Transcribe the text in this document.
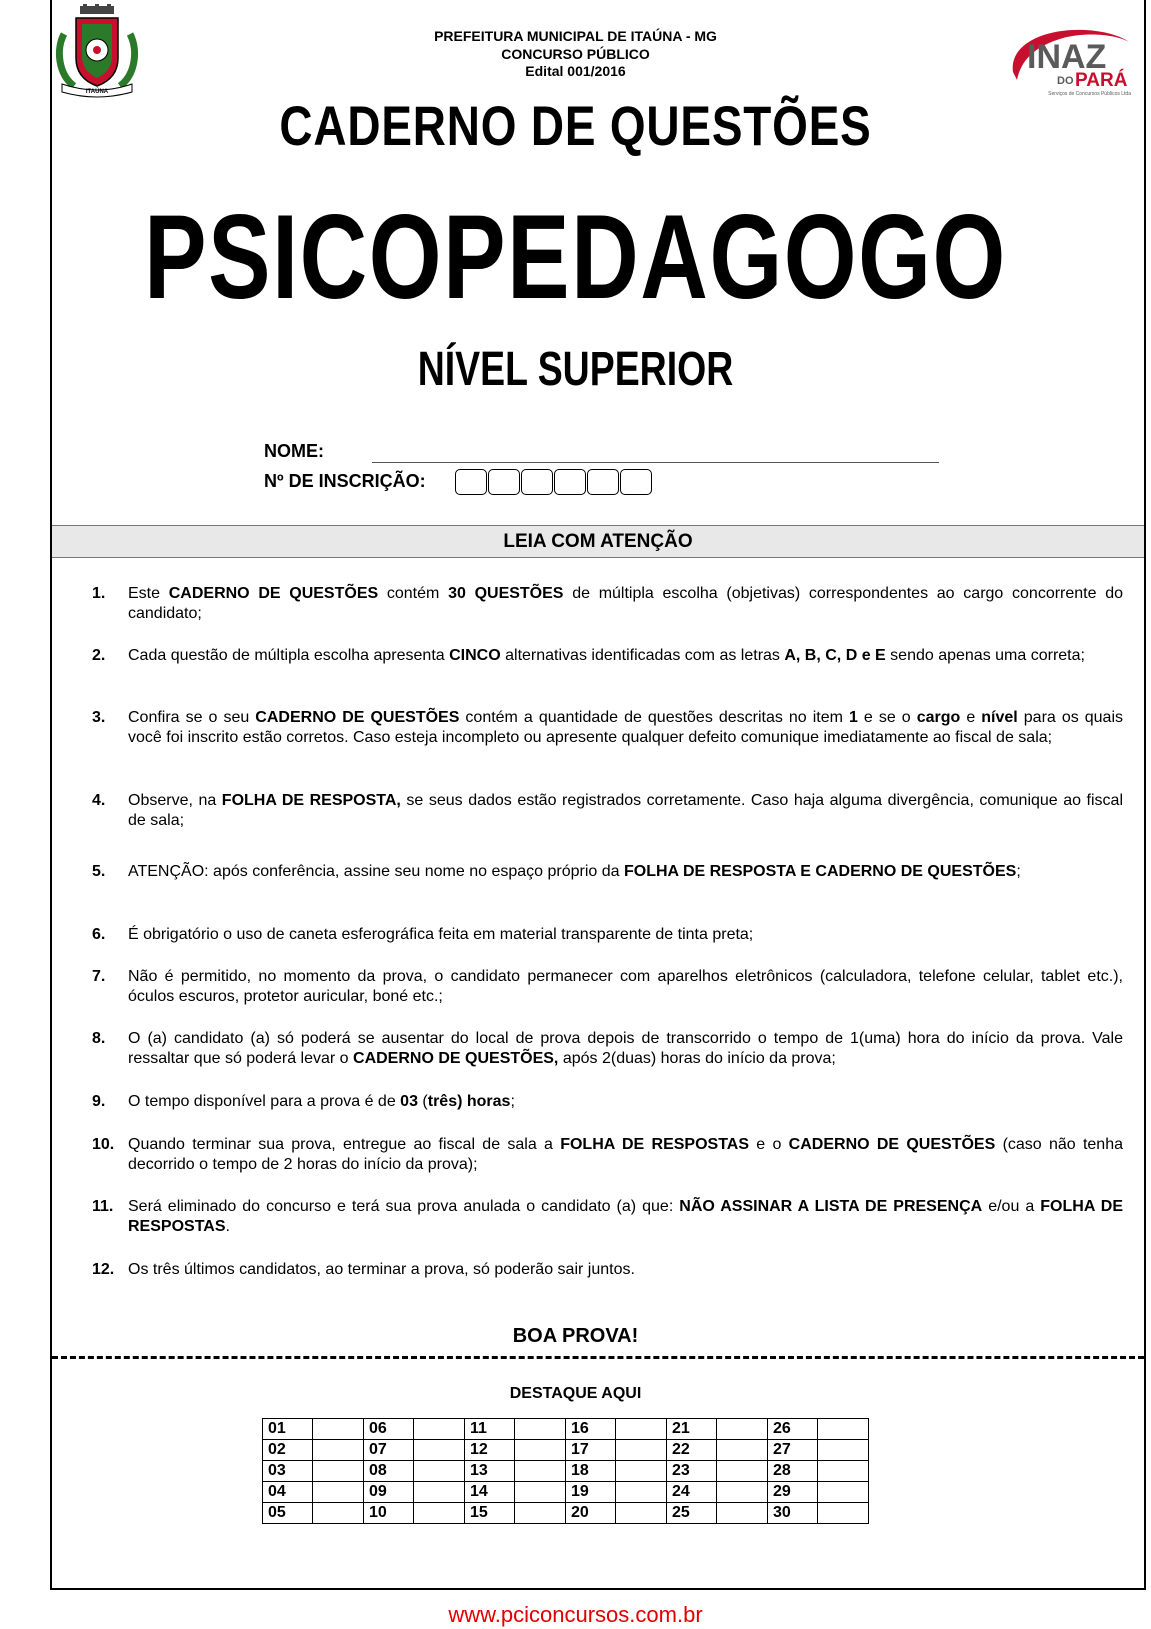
ITAÚNA
INAZ
DO PARÁ
Serviços de Concursos Públicos Ltda
PREFEITURA MUNICIPAL DE ITAÚNA - MG
CONCURSO PÚBLICO
Edital 001/2016
CADERNO DE QUESTÕES
PSICOPEDAGOGO
NÍVEL SUPERIOR
NOME:
Nº DE INSCRIÇÃO:
LEIA COM ATENÇÃO
1. Este CADERNO DE QUESTÕES contém 30 QUESTÕES de múltipla escolha (objetivas) correspondentes ao cargo concorrente do candidato;
2. Cada questão de múltipla escolha apresenta CINCO alternativas identificadas com as letras A, B, C, D e E sendo apenas uma correta;
3. Confira se o seu CADERNO DE QUESTÕES contém a quantidade de questões descritas no item 1 e se o cargo e nível para os quais você foi inscrito estão corretos. Caso esteja incompleto ou apresente qualquer defeito comunique imediatamente ao fiscal de sala;
4. Observe, na FOLHA DE RESPOSTA, se seus dados estão registrados corretamente. Caso haja alguma divergência, comunique ao fiscal de sala;
5. ATENÇÃO: após conferência, assine seu nome no espaço próprio da FOLHA DE RESPOSTA E CADERNO DE QUESTÕES;
6. É obrigatório o uso de caneta esferográfica feita em material transparente de tinta preta;
7. Não é permitido, no momento da prova, o candidato permanecer com aparelhos eletrônicos (calculadora, telefone celular, tablet etc.), óculos escuros, protetor auricular, boné etc.;
8. O (a) candidato (a) só poderá se ausentar do local de prova depois de transcorrido o tempo de 1(uma) hora do início da prova. Vale ressaltar que só poderá levar o CADERNO DE QUESTÕES, após 2(duas) horas do início da prova;
9. O tempo disponível para a prova é de 03 (três) horas;
10. Quando terminar sua prova, entregue ao fiscal de sala a FOLHA DE RESPOSTAS e o CADERNO DE QUESTÕES (caso não tenha decorrido o tempo de 2 horas do início da prova);
11. Será eliminado do concurso e terá sua prova anulada o candidato (a) que: NÃO ASSINAR A LISTA DE PRESENÇA e/ou a FOLHA DE RESPOSTAS.
12. Os três últimos candidatos, ao terminar a prova, só poderão sair juntos.
BOA PROVA!
DESTAQUE AQUI
01		06		11		16		21		26	
02		07		12		17		22		27	
03		08		13		18		23		28	
04		09		14		19		24		29	
05		10		15		20		25		30	
www.pciconcursos.com.br
